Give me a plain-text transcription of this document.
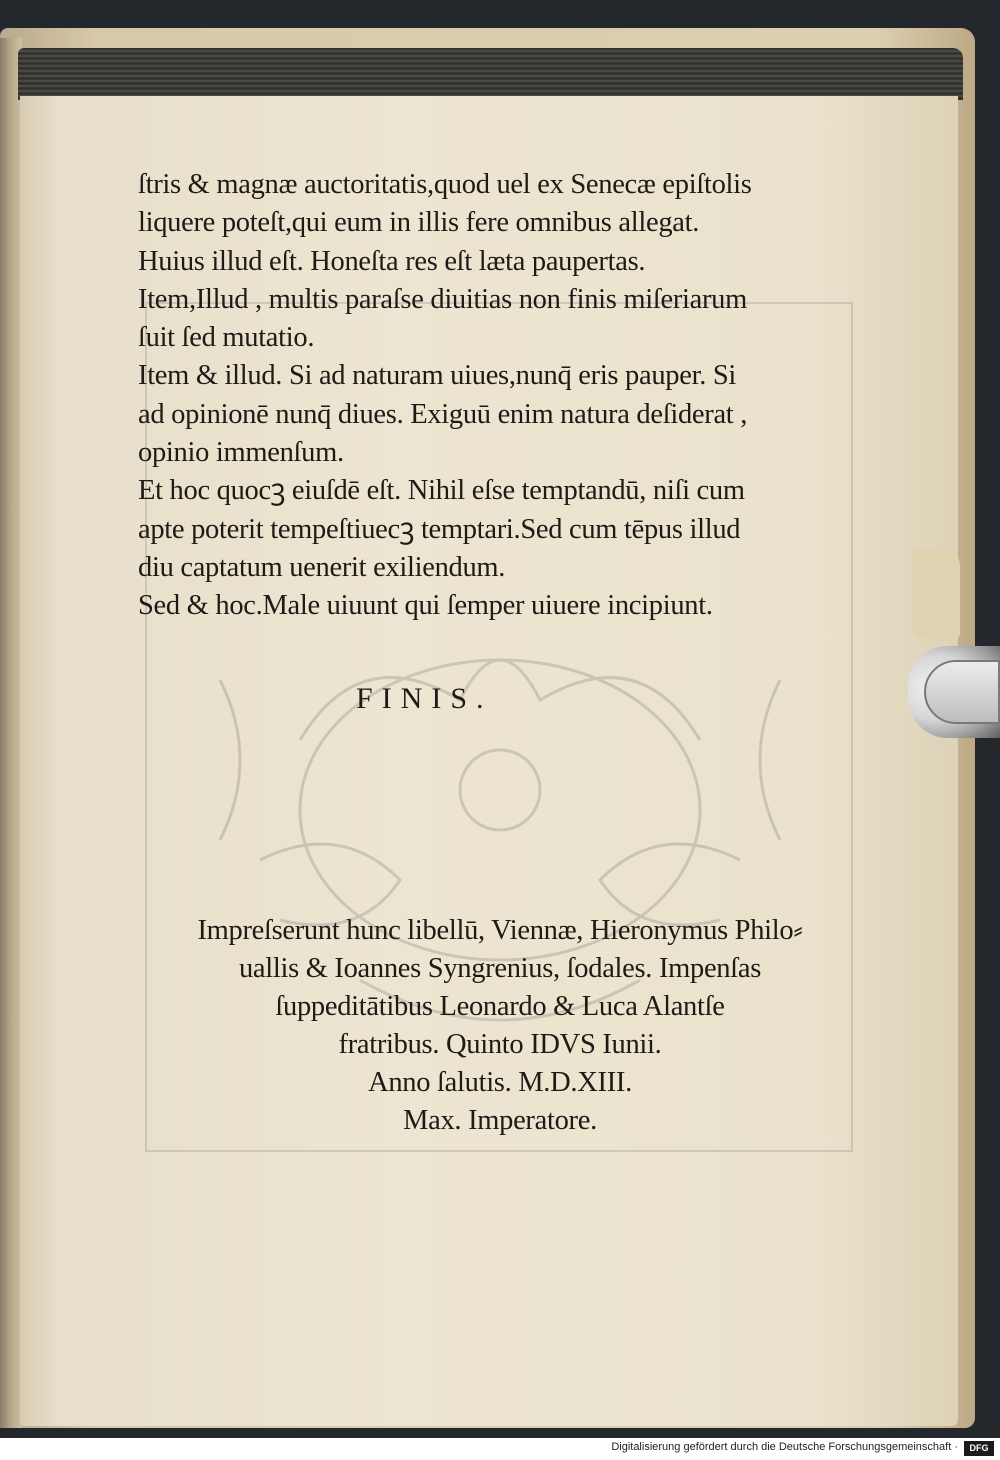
ſtris & magnæ auctoritatis,quod uel ex Senecæ epiſtolis

liquere poteſt,qui eum in illis fere omnibus allegat.

Huius illud eſt. Honeſta res eſt læta paupertas.

Item,Illud , multis paraſse diuitias non finis miſeriarum

ſuit ſed mutatio.

Item & illud. Si ad naturam uiues,nunq̄ eris pauper. Si

ad opinionē nunq̄ diues. Exiguū enim natura deſiderat ,

opinio immenſum.

Et hoc quocꝫ eiuſdē eſt. Nihil eſse temptandū, niſi cum

apte poterit tempeſtiuecꝫ temptari.Sed cum tēpus illud

diu captatum uenerit exiliendum.

Sed & hoc.Male uiuunt qui ſemper uiuere incipiunt.

FINIS.

Impreſserunt hunc libellū, Viennæ, Hieronymus Philo⸗

uallis & Ioannes Syngrenius, ſodales. Impenſas

ſuppeditātibus Leonardo & Luca Alantſe

fratribus. Quinto IDVS Iunii.

Anno ſalutis. M.D.XIII.

Max. Imperatore.

Digitalisierung gefördert durch die Deutsche Forschungsgemeinschaft ·	DFG
